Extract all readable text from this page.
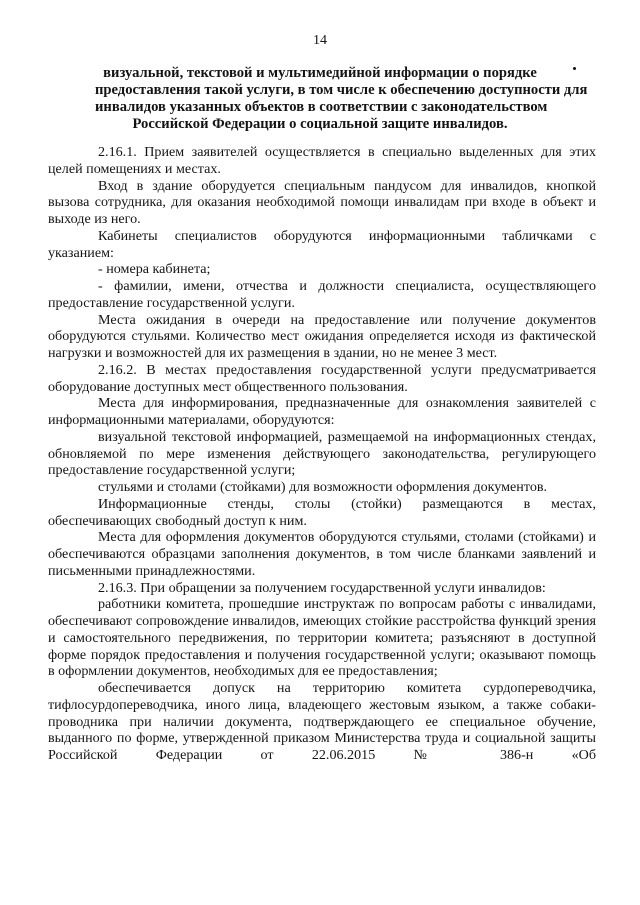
14
визуальной, текстовой и мультимедийной информации о порядке
предоставления такой услуги, в том числе к обеспечению доступности для
инвалидов указанных объектов в соответствии с законодательством
Российской Федерации о социальной защите инвалидов.

2.16.1. Прием заявителей осуществляется в специально выделенных для этих целей помещениях и местах.

Вход в здание оборудуется специальным пандусом для инвалидов, кнопкой вызова сотрудника, для оказания необходимой помощи инвалидам при входе в объект и выходе из него.

Кабинеты специалистов оборудуются информационными табличками с указанием:

- номера кабинета;

- фамилии, имени, отчества и должности специалиста, осуществляющего предоставление государственной услуги.

Места ожидания в очереди на предоставление или получение документов оборудуются стульями. Количество мест ожидания определяется исходя из фактической нагрузки и возможностей для их размещения в здании, но не менее 3 мест.

2.16.2. В местах предоставления государственной услуги предусматривается оборудование доступных мест общественного пользования.

Места для информирования, предназначенные для ознакомления заявителей с информационными материалами, оборудуются:

визуальной текстовой информацией, размещаемой на информационных стендах, обновляемой по мере изменения действующего законодательства, регулирующего предоставление государственной услуги;

стульями и столами (стойками) для возможности оформления документов.

Информационные стенды, столы (стойки) размещаются в местах, обеспечивающих свободный доступ к ним.

Места для оформления документов оборудуются стульями, столами (стойками) и обеспечиваются образцами заполнения документов, в том числе бланками заявлений и письменными принадлежностями.

2.16.3. При обращении за получением государственной услуги инвалидов:

работники комитета, прошедшие инструктаж по вопросам работы с инвалидами, обеспечивают сопровождение инвалидов, имеющих стойкие расстройства функций зрения и самостоятельного передвижения, по территории комитета; разъясняют в доступной форме порядок предоставления и получения государственной услуги; оказывают помощь в оформлении документов, необходимых для ее предоставления;

обеспечивается допуск на территорию комитета сурдопереводчика, тифлосурдопереводчика, иного лица, владеющего жестовым языком, а также собаки-проводника при наличии документа, подтверждающего ее специальное обучение, выданного по форме, утвержденной приказом Министерства труда и социальной защиты Российской Федерации от 22.06.2015 № 386-н «Об
